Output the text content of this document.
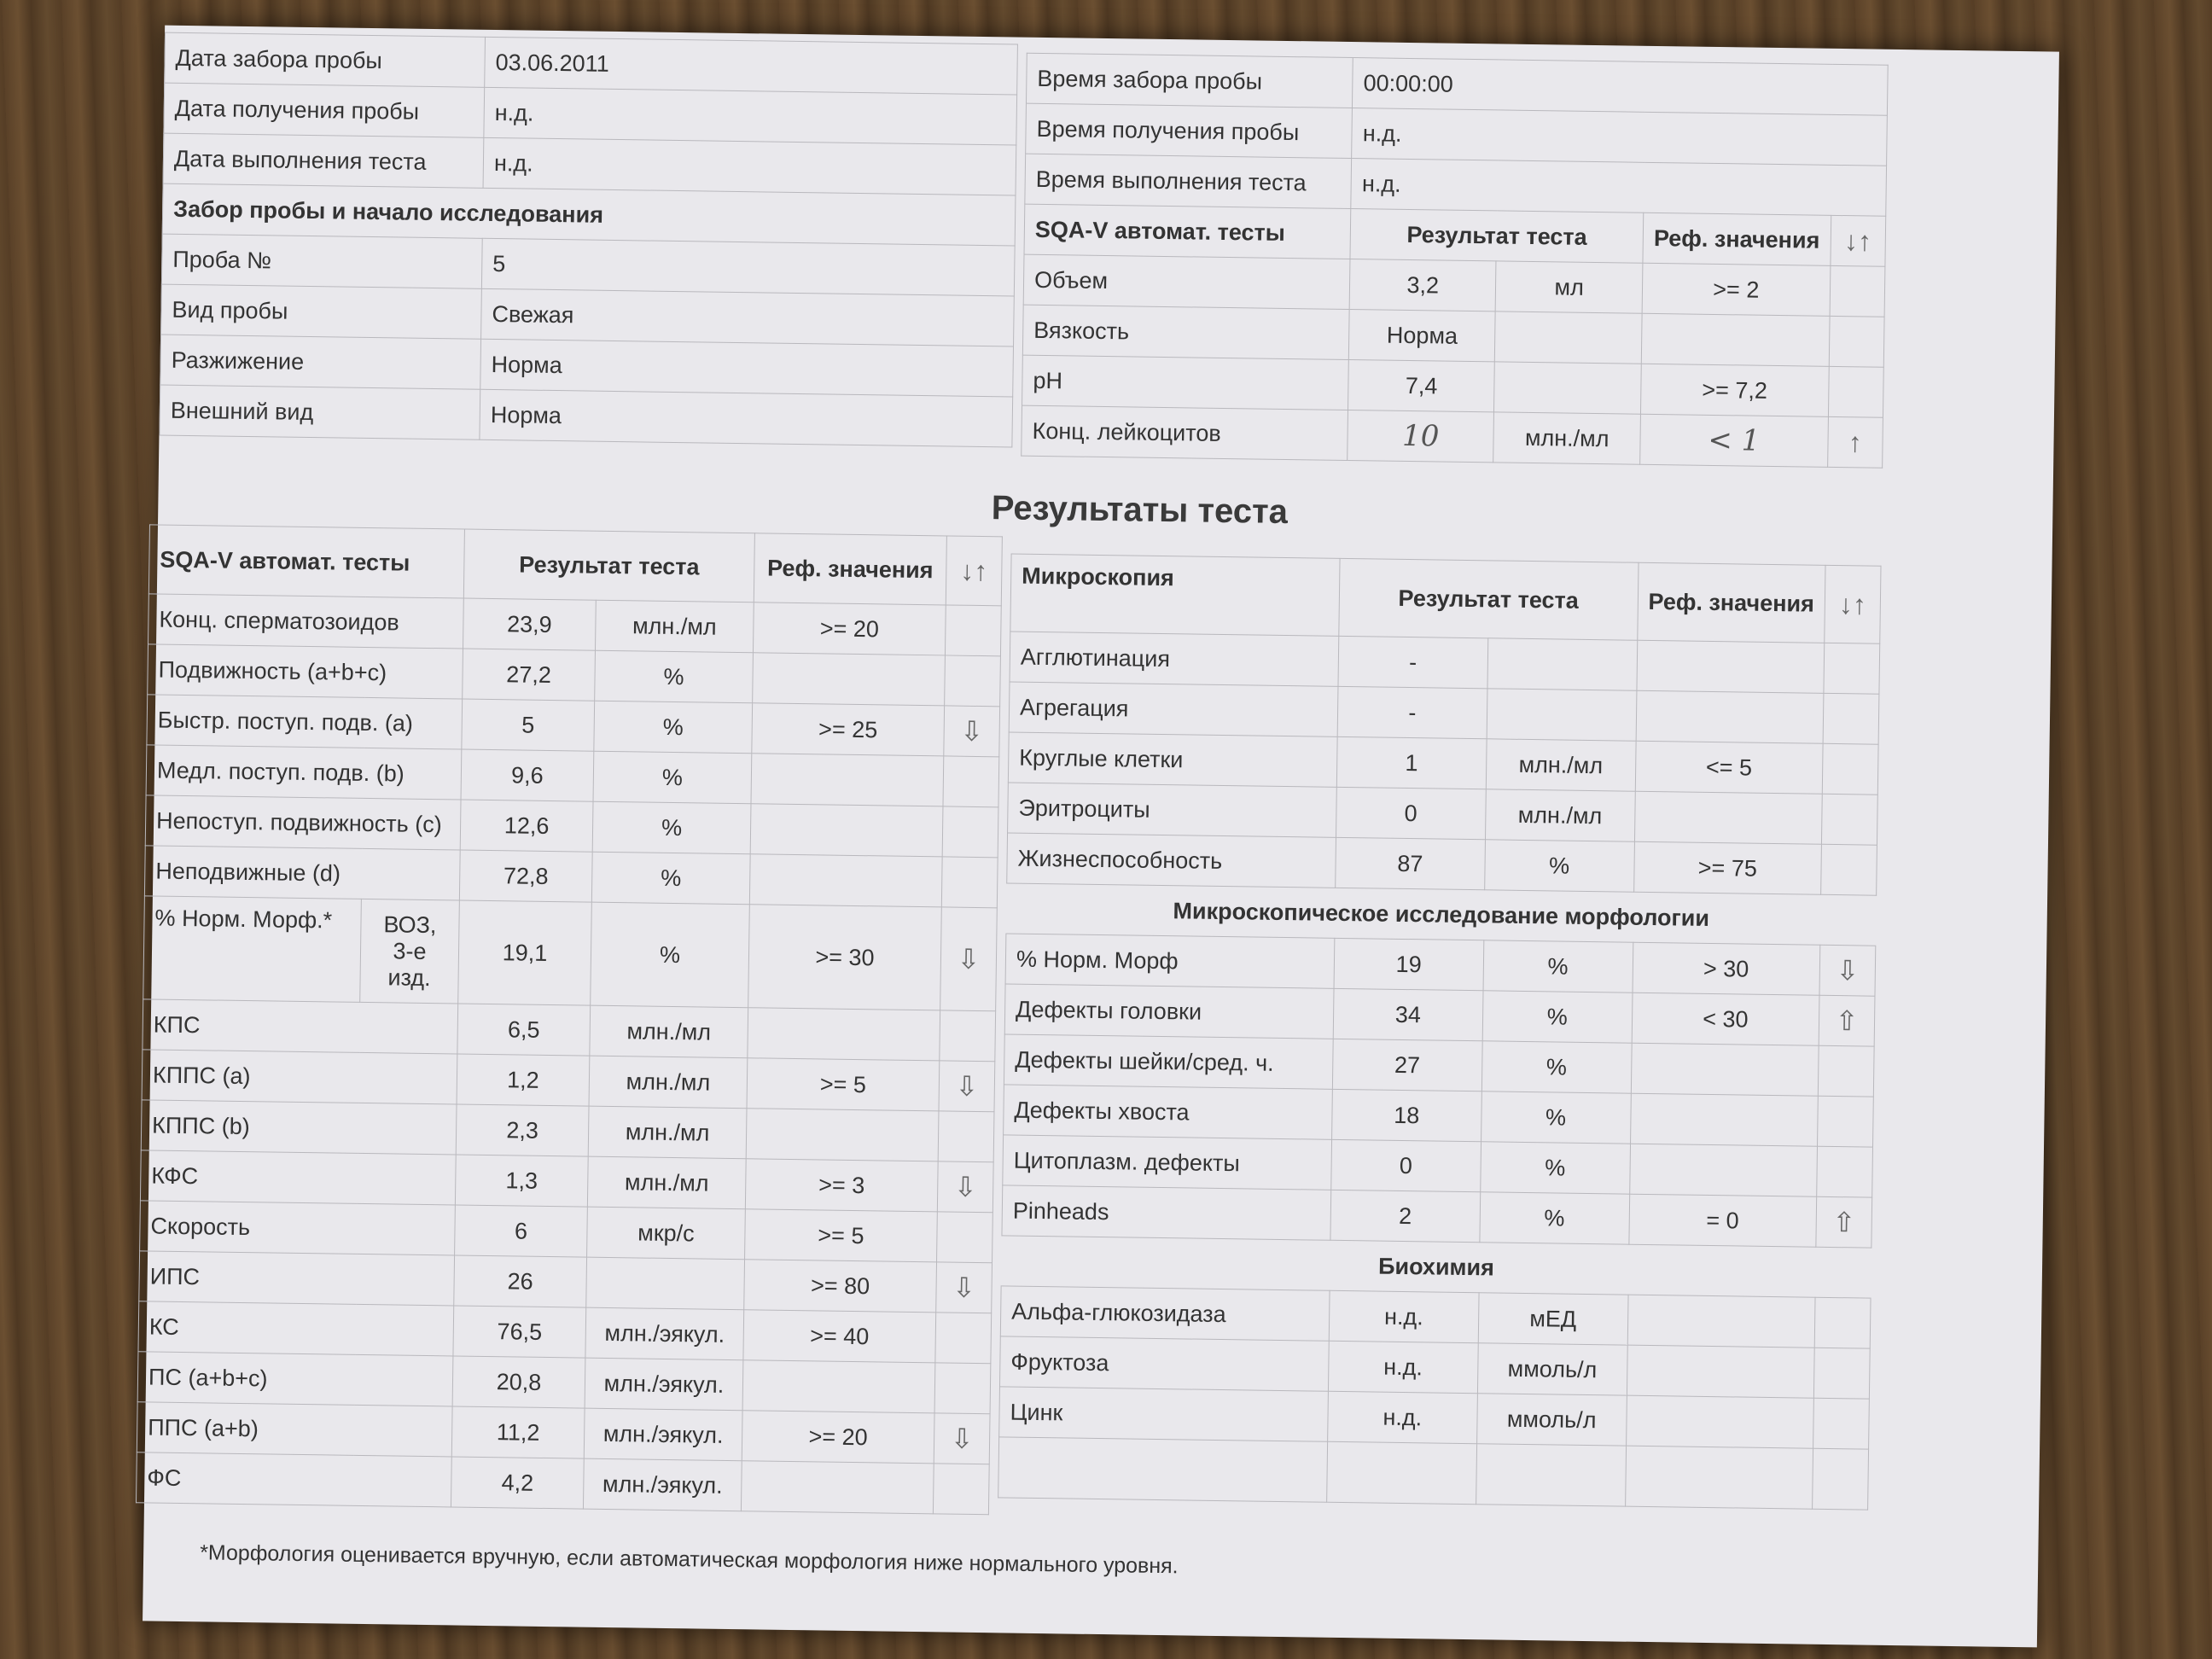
Дата забора пробы	03.06.2011
Дата получения пробы	н.д.
Дата выполнения теста	н.д.
Забор пробы и начало исследования	
Проба №	5
Вид пробы	Свежая
Разжижение	Норма
Внешний вид	Норма
Время забора пробы	00:00:00			
Время получения пробы	н.д.			
Время выполнения теста	н.д.			
SQA-V автомат. тесты	Результат теста		Реф. значения	↓↑
Объем	3,2	мл	>= 2	
Вязкость	Норма			
pH	7,4		>= 7,2	
Конц. лейкоцитов	10	млн./мл	< 1	↑
Результаты теста
SQA-V автомат. тесты		Результат теста		Реф. значения	↓↑
Конц. сперматозоидов		23,9	млн./мл	>= 20	
Подвижность (a+b+c)		27,2	%		
Быстр. поступ. подв. (a)		5	%	>= 25	⇩
Медл. поступ. подв. (b)		9,6	%		
Непоступ. подвижность (c)		12,6	%		
Неподвижные (d)		72,8	%		
% Норм. Морф.*	ВОЗ, 3-е изд.	19,1	%	>= 30	⇩
КПС		6,5	млн./мл		
КППС (a)		1,2	млн./мл	>= 5	⇩
КППС (b)		2,3	млн./мл		
КФС		1,3	млн./мл	>= 3	⇩
Скорость		6	мкр/с	>= 5	
ИПС		26		>= 80	⇩
КС		76,5	млн./эякул.	>= 40	
ПС (a+b+c)		20,8	млн./эякул.		
ППС (a+b)		11,2	млн./эякул.	>= 20	⇩
ФС		4,2	млн./эякул.		
Микроскопия	Результат теста		Реф. значения	↓↑
Агглютинация	-			
Агрегация	-			
Круглые клетки	1	млн./мл	<= 5	
Эритроциты	0	млн./мл		
Жизнеспособность	87	%	>= 75	
Микроскопическое исследование морфологии				
% Норм. Морф	19	%	> 30	⇩
Дефекты головки	34	%	< 30	⇧
Дефекты шейки/сред. ч.	27	%		
Дефекты хвоста	18	%		
Цитоплазм. дефекты	0	%		
Pinheads	2	%	= 0	⇧
Биохимия				
Альфа-глюкозидаза	н.д.	мЕД		
Фруктоза	н.д.	ммоль/л		
Цинк	н.д.	ммоль/л		

*Морфология оценивается вручную, если автоматическая морфология ниже нормального уровня.
